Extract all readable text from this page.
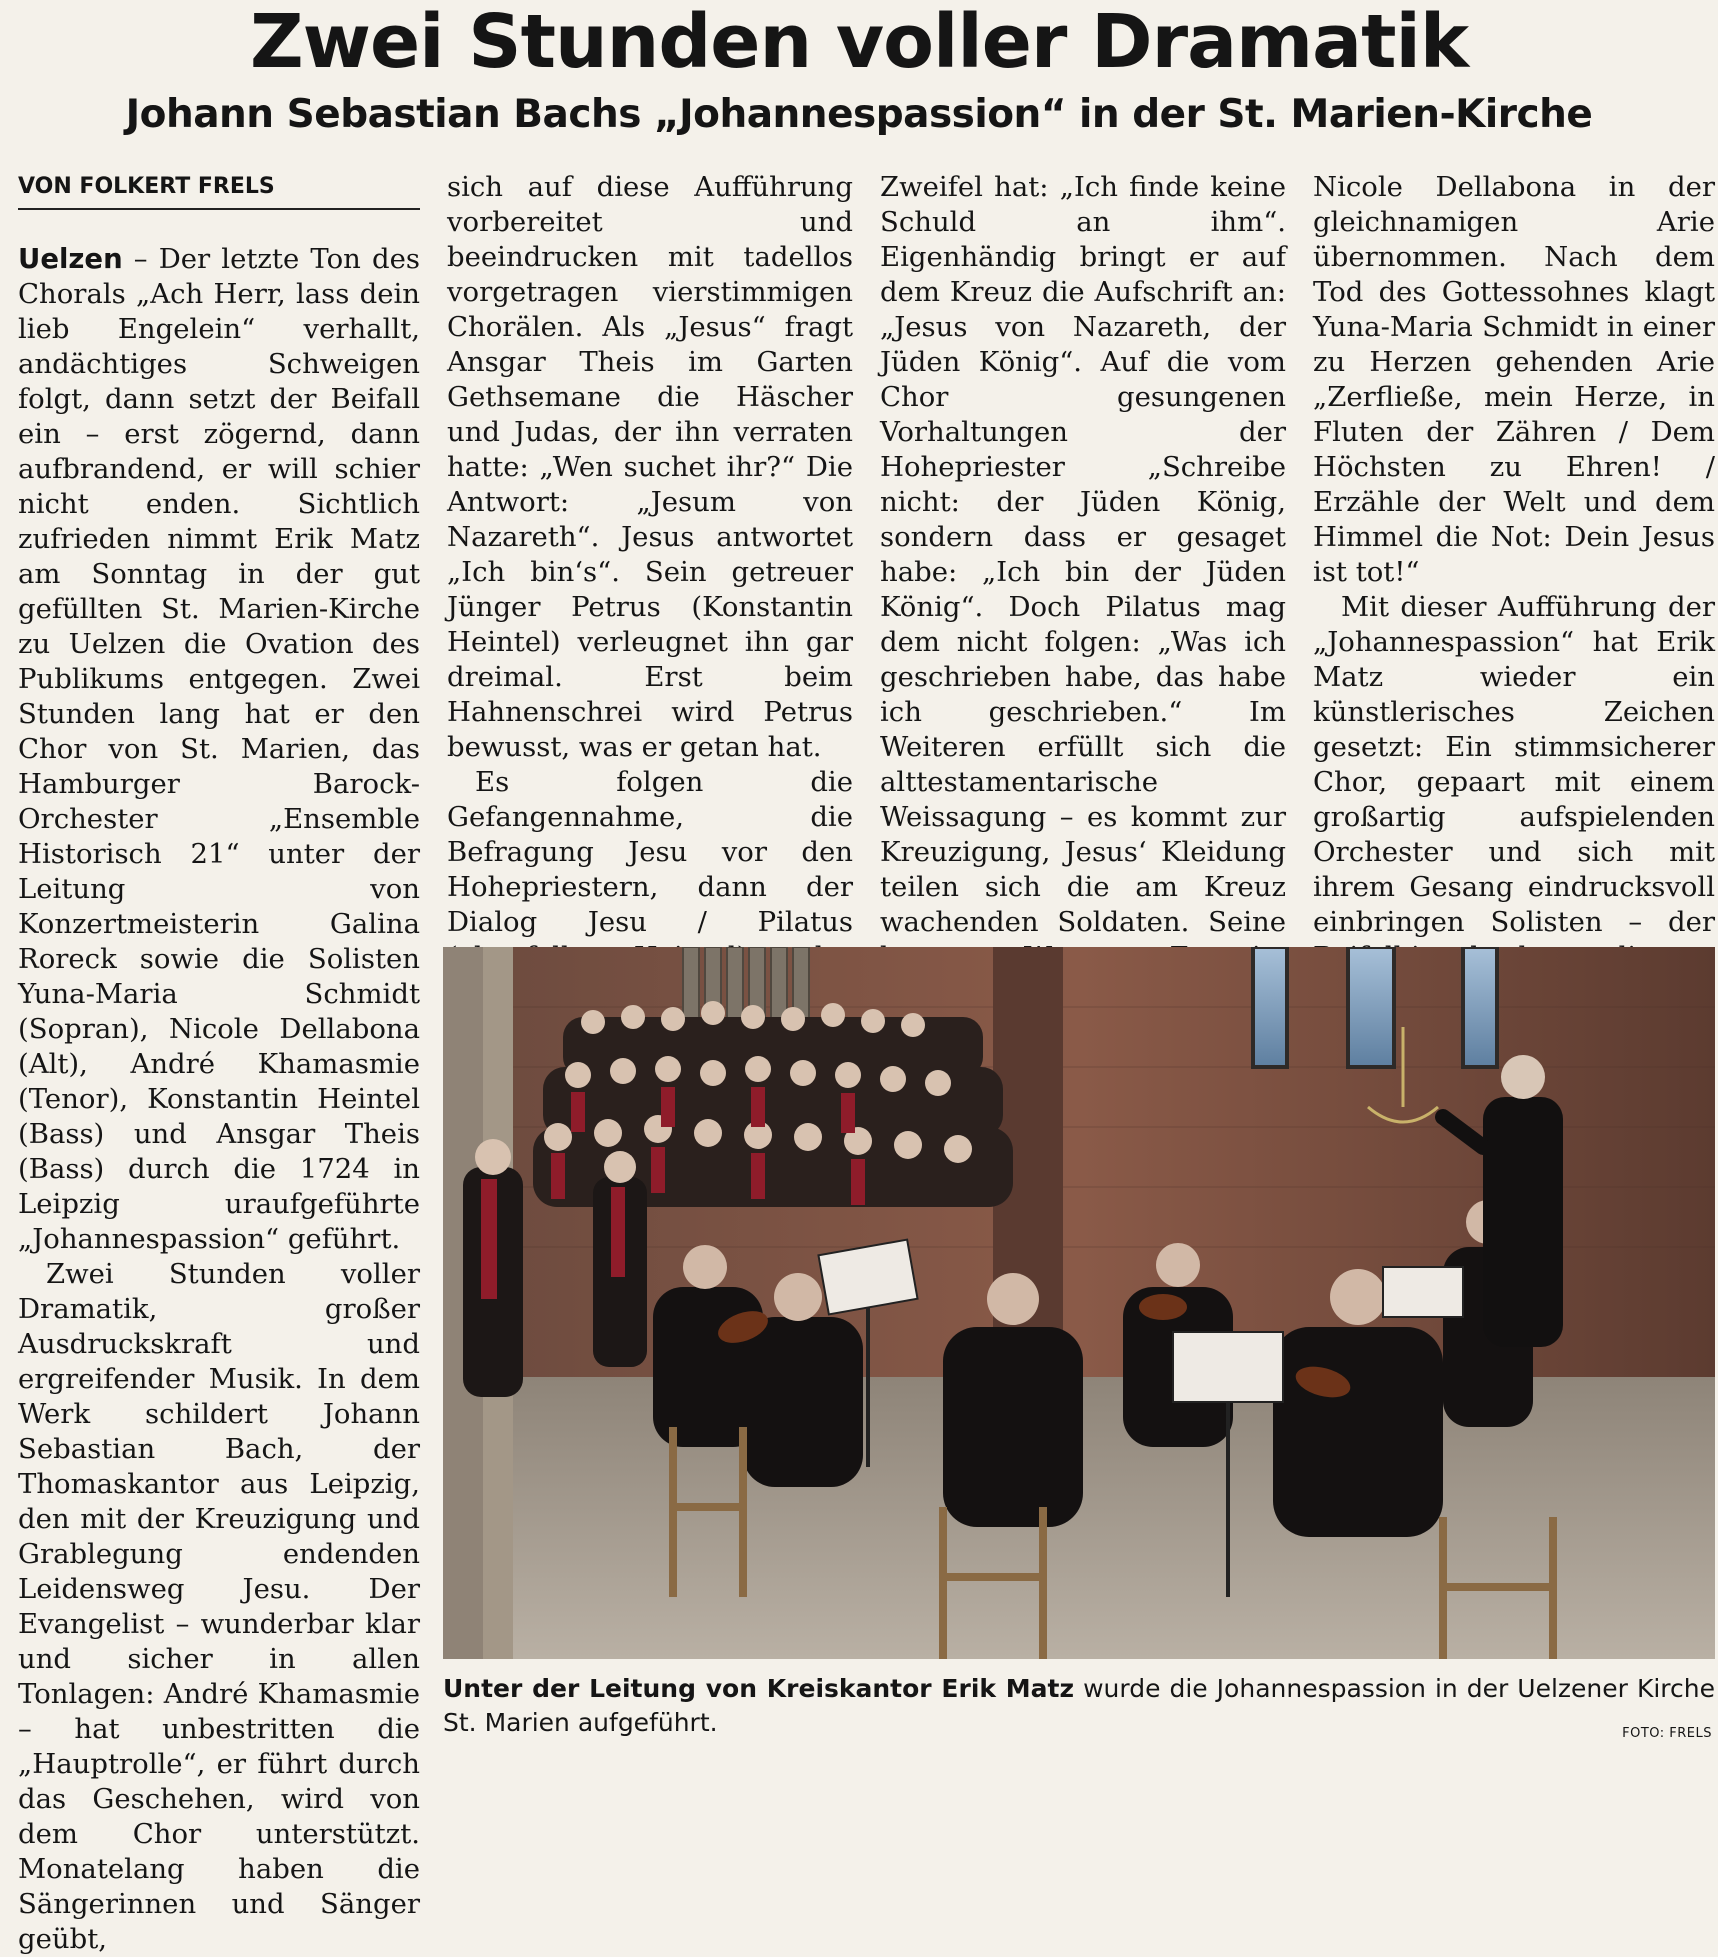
Zwei Stunden voller Dramatik
Johann Sebastian Bachs „Johannespassion“ in der St. Marien-Kirche
VON FOLKERT FRELS

Uelzen – Der letzte Ton des Chorals „Ach Herr, lass dein lieb Engelein“ verhallt, andächtiges Schweigen folgt, dann setzt der Beifall ein – erst zögernd, dann aufbrandend, er will schier nicht enden. Sichtlich zufrieden nimmt Erik Matz am Sonntag in der gut gefüllten St. Marien-Kirche zu Uelzen die Ovation des Publikums entgegen. Zwei Stunden lang hat er den Chor von St. Marien, das Hamburger Barock-Orchester „Ensemble Historisch 21“ unter der Leitung von Konzertmeisterin Galina Roreck sowie die Solisten Yuna-Maria Schmidt (Sopran), Nicole Dellabona (Alt), André Khamasmie (Tenor), Konstantin Heintel (Bass) und Ansgar Theis (Bass) durch die 1724 in Leipzig uraufgeführte „Johannespassion“ geführt.

Zwei Stunden voller Dramatik, großer Ausdruckskraft und ergreifender Musik. In dem Werk schildert Johann Sebastian Bach, der Thomaskantor aus Leipzig, den mit der Kreuzigung und Grablegung endenden Leidensweg Jesu. Der Evangelist – wunderbar klar und sicher in allen Tonlagen: André Khamasmie – hat unbestritten die „Hauptrolle“, er führt durch das Geschehen, wird von dem Chor unterstützt. Monatelang haben die Sängerinnen und Sänger geübt,

sich auf diese Aufführung vorbereitet und beeindrucken mit tadellos vorgetragen vierstimmigen Chorälen. Als „Jesus“ fragt Ansgar Theis im Garten Gethsemane die Häscher und Judas, der ihn verraten hatte: „Wen suchet ihr?“ Die Antwort: „Jesum von Nazareth“. Jesus antwortet „Ich bin‘s“. Sein getreuer Jünger Petrus (Konstantin Heintel) verleugnet ihn gar dreimal. Erst beim Hahnenschrei wird Petrus bewusst, was er getan hat.

Es folgen die Gefangennahme, die Befragung Jesu vor den Hohepriestern, dann der Dialog Jesu / Pilatus

Zweifel hat: „Ich finde keine Schuld an ihm“. Eigenhändig bringt er auf dem Kreuz die Aufschrift an: „Jesus von Nazareth, der Jüden König“. Auf die vom Chor gesungenen Vorhaltungen der Hohepriester „Schreibe nicht: der Jüden König, sondern dass er gesaget habe: „Ich bin der Jüden König“. Doch Pilatus mag dem nicht folgen: „Was ich geschrieben habe, das habe ich geschrieben.“ Im Weiteren erfüllt sich die alttestamentarische Weissagung – es kommt zur Kreuzigung, Jesus‘ Kleidung teilen sich die am Kreuz wachenden Soldaten. Seine

Nicole Dellabona in der gleichnamigen Arie übernommen. Nach dem Tod des Gottessohnes klagt Yuna-Maria Schmidt in einer zu Herzen gehenden Arie „Zerfließe, mein Herze, in Fluten der Zähren / Dem Höchsten zu Ehren! / Erzähle der Welt und dem Himmel die Not: Dein Jesus ist tot!“

Mit dieser Aufführung der „Johannespassion“ hat Erik Matz wieder ein künstlerisches Zeichen gesetzt: Ein stimmsicherer Chor, gepaart mit einem großartig aufspielenden Orchester und sich mit ihrem Gesang eindrucksvoll einbringen Solisten – der

Unter der Leitung von Kreiskantor Erik Matz wurde die Johannespassion in der Uelzener Kirche St. Marien aufgeführt.	FOTO: FRELS
